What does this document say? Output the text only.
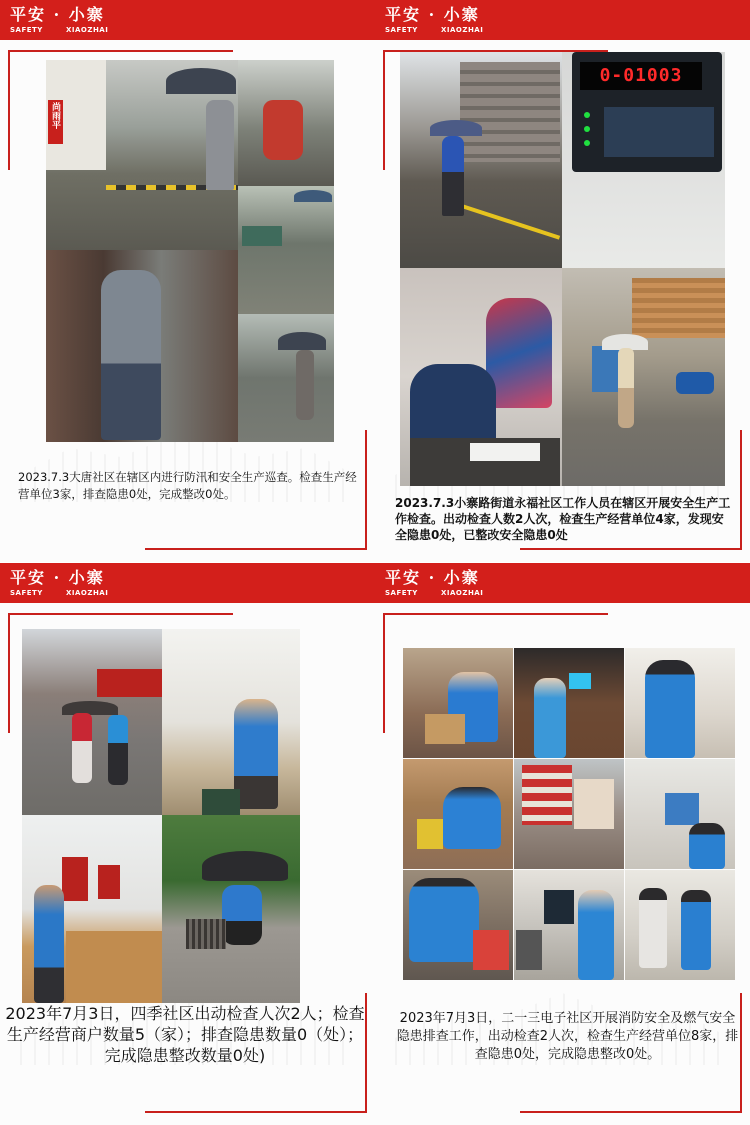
平安 · 小寨
SAFETY	XIAOZHAI
尚雨平
2023.7.3大唐社区在辖区内进行防汛和安全生产巡查。检查生产经营单位3家，排查隐患0处，完成整改0处。
平安 · 小寨
SAFETY	XIAOZHAI
0-01003
2023.7.3小寨路街道永福社区工作人员在辖区开展安全生产工作检查。出动检查人数2人次，检查生产经营单位4家，发现安全隐患0处，已整改安全隐患0处
平安 · 小寨
SAFETY	XIAOZHAI
2023年7月3日，四季社区出动检查人次2人；检查生产经营商户数量5（家）；排查隐患数量0（处）；完成隐患整改数量0处)
平安 · 小寨
SAFETY	XIAOZHAI
2023年7月3日，二一三电子社区开展消防安全及燃气安全隐患排查工作，出动检查2人次，检查生产经营单位8家，排查隐患0处，完成隐患整改0处。
